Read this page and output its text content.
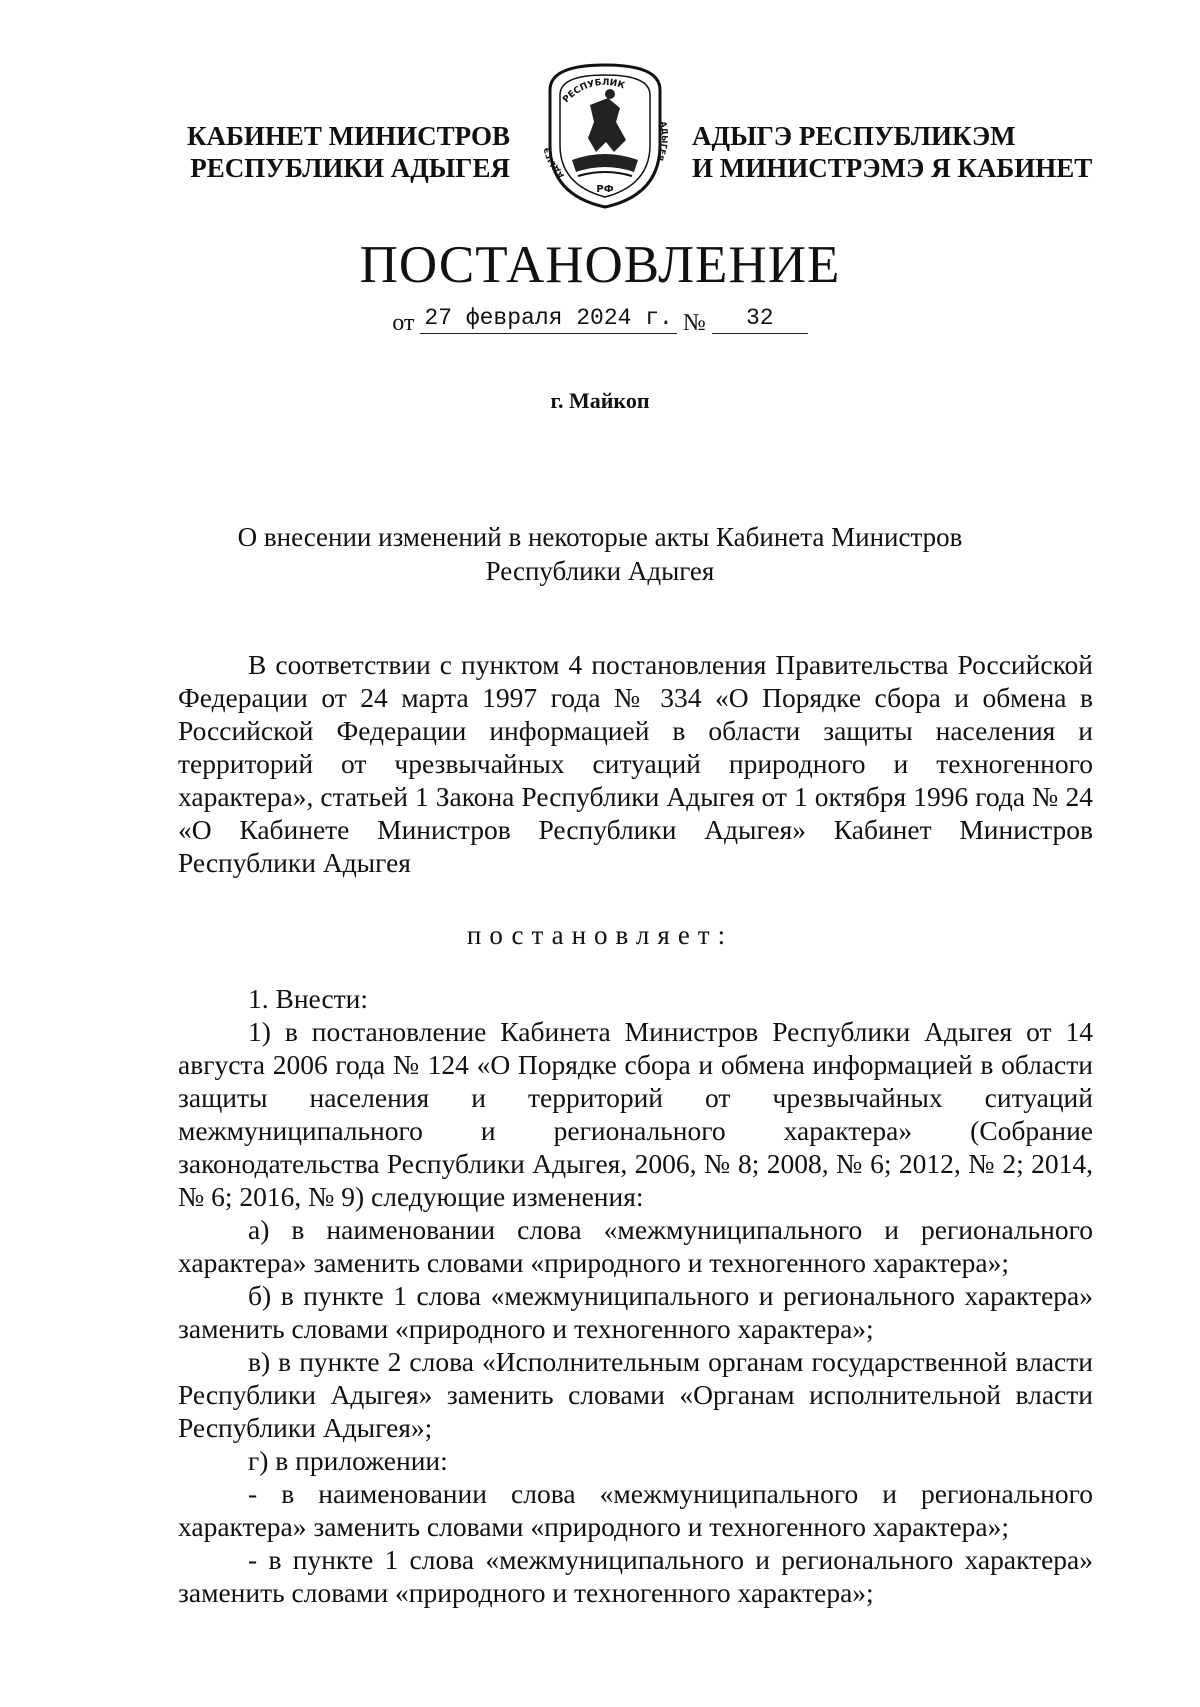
КАБИНЕТ МИНИСТРОВ
РЕСПУБЛИКИ АДЫГЕЯ
РЕСПУБЛИК
АДЫГЭ
АДЫГЕЯ
РФ
АДЫГЭ РЕСПУБЛИКЭМ
И МИНИСТРЭМЭ Я КАБИНЕТ
ПОСТАНОВЛЕНИЕ
от 27 февраля 2024 г. № 32
г. Майкоп
О внесении изменений в некоторые акты Кабинета Министров
Республики Адыгея

В соответствии с пунктом 4 постановления Правительства Российской Федерации от 24 марта 1997 года № 334 «О Порядке сбора и обмена в Российской Федерации информацией в области защиты населения и территорий от чрезвычайных ситуаций природного и техногенного характера», статьей 1 Закона Республики Адыгея от 1 октября 1996 года № 24 «О Кабинете Министров Республики Адыгея» Кабинет Министров Республики Адыгея

постановляет:

1. Внести:

1) в постановление Кабинета Министров Республики Адыгея от 14 августа 2006 года № 124 «О Порядке сбора и обмена информацией в области защиты населения и территорий от чрезвычайных ситуаций межмуниципального и регионального характера» (Собрание законодательства Республики Адыгея, 2006, № 8; 2008, № 6; 2012, № 2; 2014, № 6; 2016, № 9) следующие изменения:

а) в наименовании слова «межмуниципального и регионального характера» заменить словами «природного и техногенного характера»;

б) в пункте 1 слова «межмуниципального и регионального характера» заменить словами «природного и техногенного характера»;

в) в пункте 2 слова «Исполнительным органам государственной власти Республики Адыгея» заменить словами «Органам исполнительной власти Республики Адыгея»;

г) в приложении:

- в наименовании слова «межмуниципального и регионального характера» заменить словами «природного и техногенного характера»;

- в пункте 1 слова «межмуниципального и регионального характера» заменить словами «природного и техногенного характера»;
